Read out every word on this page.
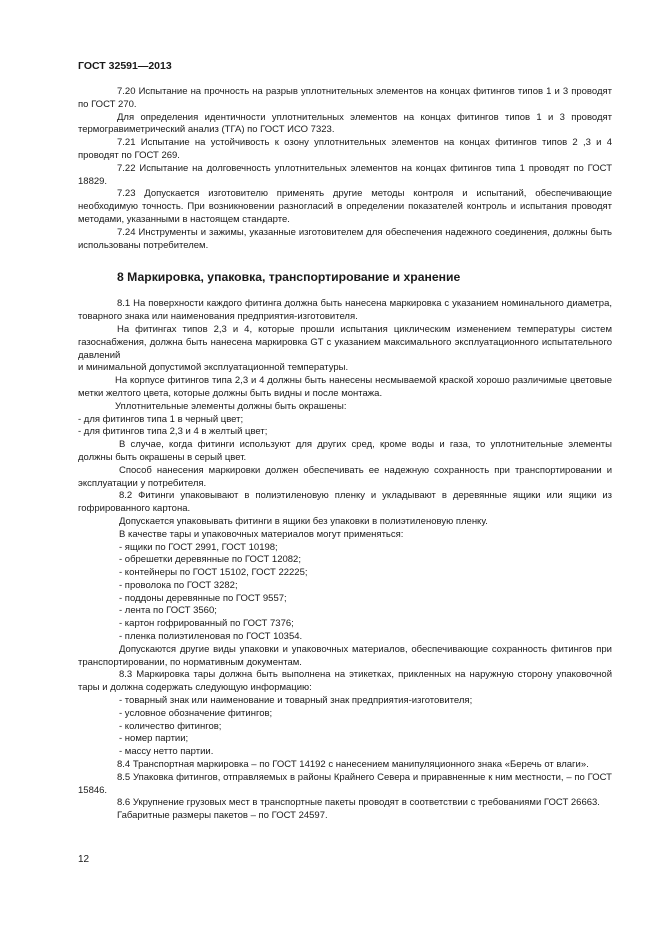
ГОСТ 32591—2013

7.20 Испытание на прочность на разрыв уплотнительных элементов на концах фитингов типов 1 и 3 проводят по ГОСТ 270.

Для определения идентичности уплотнительных элементов на концах фитингов типов 1 и 3 проводят термогравиметрический анализ (ТГА) по ГОСТ ИСО 7323.

7.21 Испытание на устойчивость к озону уплотнительных элементов на концах фитингов типов 2 ,3 и 4 проводят по ГОСТ 269.

7.22 Испытание на долговечность уплотнительных элементов на концах фитингов типа 1 проводят по ГОСТ 18829.

7.23 Допускается изготовителю применять другие методы контроля и испытаний, обеспечивающие необходимую точность. При возникновении разногласий в определении показателей контроль и испытания проводят методами, указанными в настоящем стандарте.

7.24 Инструменты и зажимы, указанные изготовителем для обеспечения надежного соединения, должны быть использованы потребителем.

8 Маркировка, упаковка, транспортирование и хранение

8.1 На поверхности каждого фитинга должна быть нанесена маркировка с указанием номинального диаметра, товарного знака или наименования предприятия-изготовителя.

На фитингах типов 2,3 и 4, которые прошли испытания циклическим изменением температуры систем газоснабжения, должна быть нанесена маркировка GT с указанием максимального эксплуатационного испытательного давлений

и минимальной допустимой эксплуатационной температуры.

На корпусе фитингов типа 2,3 и 4 должны быть нанесены несмываемой краской хорошо различимые цветовые метки желтого цвета, которые должны быть видны и после монтажа.

Уплотнительные элементы должны быть окрашены:

- для фитингов типа 1 в черный цвет;

- для фитингов типа 2,3 и 4 в желтый цвет;

В случае, когда фитинги используют для других сред, кроме воды и газа, то уплотнительные элементы должны быть окрашены в серый цвет.

Способ нанесения маркировки должен обеспечивать ее надежную сохранность при транспортировании и эксплуатации у потребителя.

8.2 Фитинги упаковывают в полиэтиленовую пленку и укладывают в деревянные ящики или ящики из гофрированного картона.

Допускается упаковывать фитинги в ящики без упаковки в полиэтиленовую пленку.

В качестве тары и упаковочных материалов могут применяться:

- ящики по ГОСТ 2991, ГОСТ 10198;

- обрешетки деревянные по ГОСТ 12082;

- контейнеры по ГОСТ 15102, ГОСТ 22225;

- проволока по ГОСТ 3282;

- поддоны деревянные по ГОСТ 9557;

- лента по ГОСТ 3560;

- картон гофрированный по ГОСТ 7376;

- пленка полиэтиленовая по ГОСТ 10354.

Допускаются другие виды упаковки и упаковочных материалов, обеспечивающие сохранность фитингов при транспортировании, по нормативным документам.

8.3 Маркировка тары должна быть выполнена на этикетках, прикленных на наружную сторону упаковочной тары и должна содержать следующую информацию:

- товарный знак или наименование и товарный знак предприятия-изготовителя;

- условное обозначение фитингов;

- количество фитингов;

- номер партии;

- массу нетто партии.

8.4 Транспортная маркировка – по ГОСТ 14192 с нанесением манипуляционного знака «Беречь от влаги».

8.5 Упаковка фитингов, отправляемых в районы Крайнего Севера и приравненные к ним местности, – по ГОСТ 15846.

8.6 Укрупнение грузовых мест в транспортные пакеты проводят в соответствии с требованиями ГОСТ 26663.

Габаритные размеры пакетов – по ГОСТ 24597.

12
